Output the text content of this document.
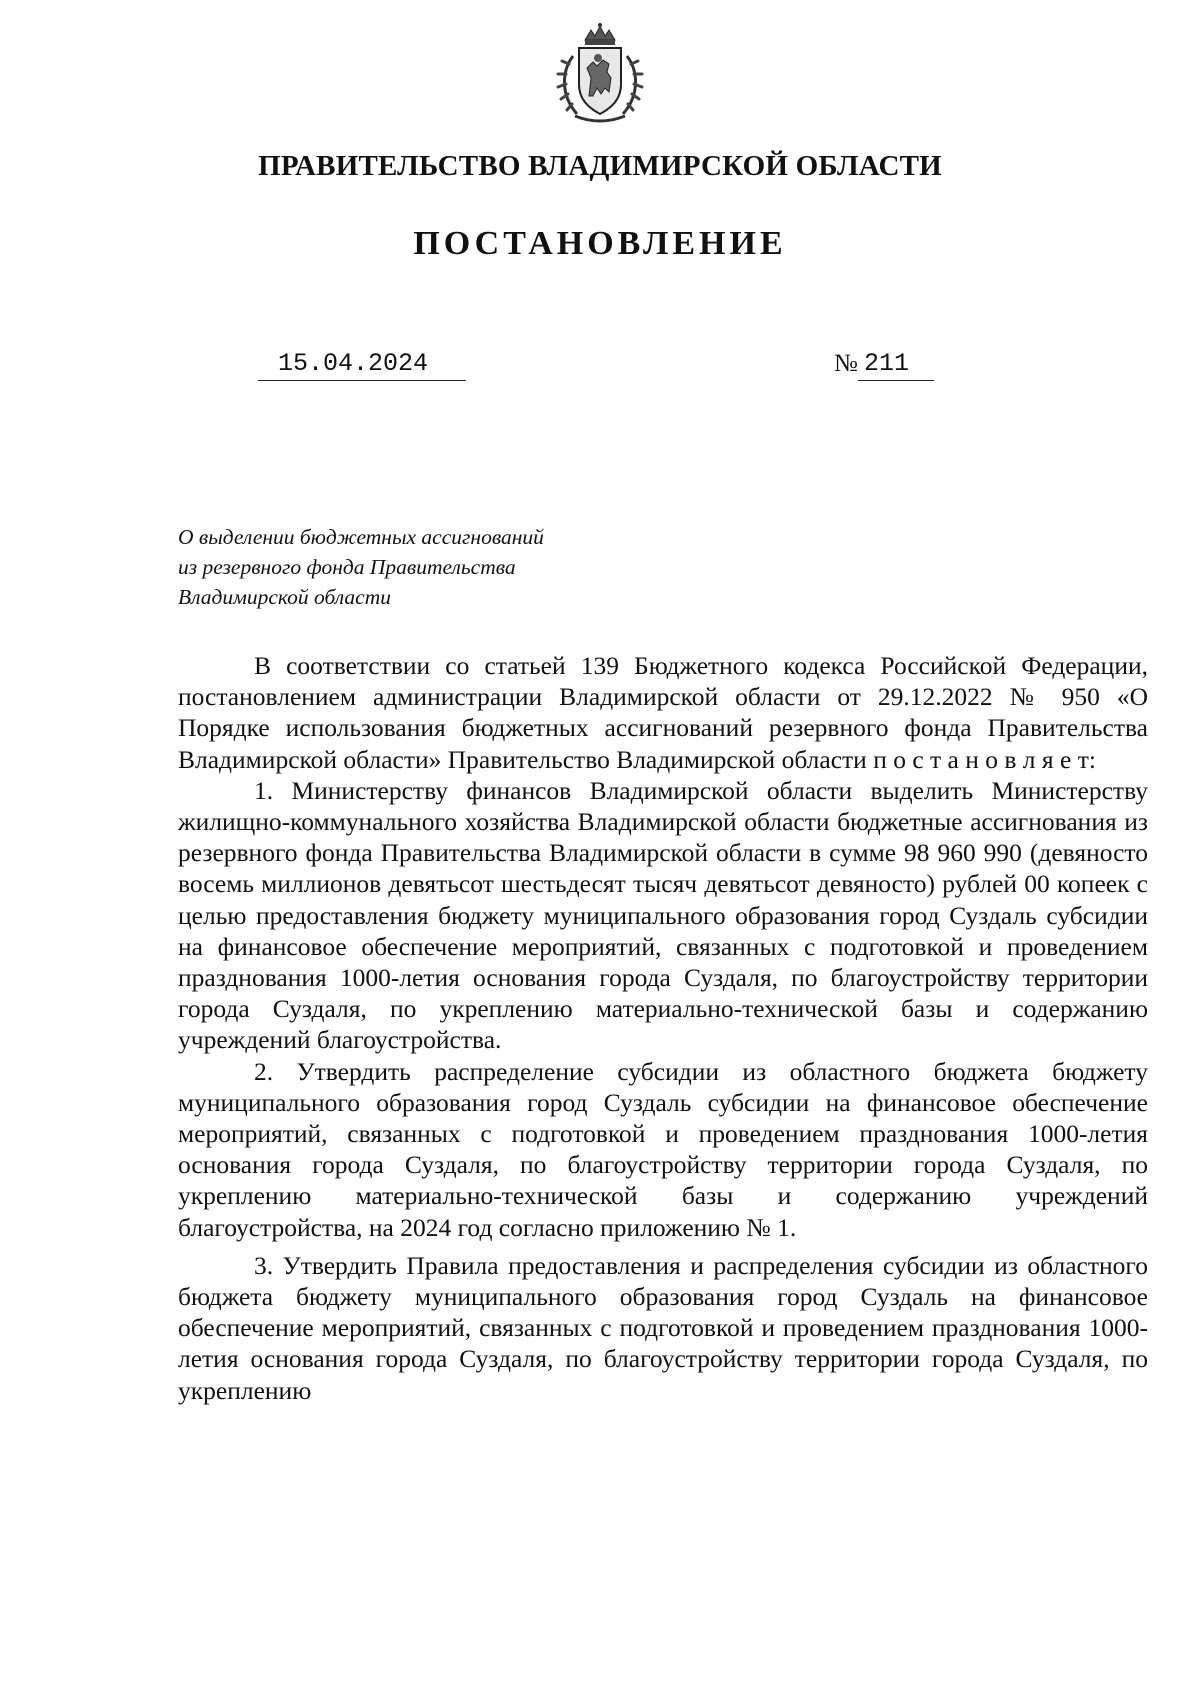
ПРАВИТЕЛЬСТВО ВЛАДИМИРСКОЙ ОБЛАСТИ
ПОСТАНОВЛЕНИЕ
15.04.2024	№ 211
О выделении бюджетных ассигнований
из резервного фонда Правительства
Владимирской области

В соответствии со статьей 139 Бюджетного кодекса Российской Федерации, постановлением администрации Владимирской области от 29.12.2022 № 950 «О Порядке использования бюджетных ассигнований резервного фонда Правительства Владимирской области» Правительство Владимирской области п о с т а н о в л я е т:

1. Министерству финансов Владимирской области выделить Министерству жилищно-коммунального хозяйства Владимирской области бюджетные ассигнования из резервного фонда Правительства Владимирской области в сумме 98 960 990 (девяносто восемь миллионов девятьсот шестьдесят тысяч девятьсот девяносто) рублей 00 копеек с целью предоставления бюджету муниципального образования город Суздаль субсидии на финансовое обеспечение мероприятий, связанных с подготовкой и проведением празднования 1000-летия основания города Суздаля, по благоустройству территории города Суздаля, по укреплению материально-технической базы и содержанию учреждений благоустройства.

2. Утвердить распределение субсидии из областного бюджета бюджету муниципального образования город Суздаль субсидии на финансовое обеспечение мероприятий, связанных с подготовкой и проведением празднования 1000-летия основания города Суздаля, по благоустройству территории города Суздаля, по укреплению материально-технической базы и содержанию учреждений благоустройства, на 2024 год согласно приложению № 1.

3. Утвердить Правила предоставления и распределения субсидии из областного бюджета бюджету муниципального образования город Суздаль на финансовое обеспечение мероприятий, связанных с подготовкой и проведением празднования 1000-летия основания города Суздаля, по благоустройству территории города Суздаля, по укреплению
